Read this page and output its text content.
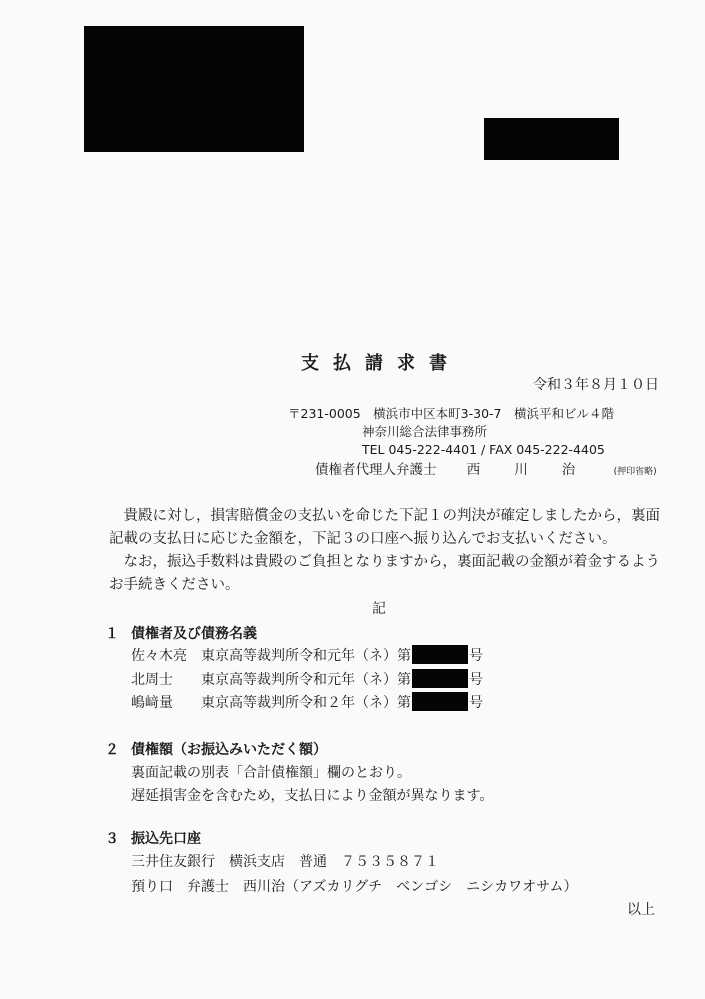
支払請求書
令和３年８月１０日
〒231-0005　横浜市中区本町3-30-7　横浜平和ビル４階
神奈川総合法律事務所
TEL 045-222-4401 / FAX 045-222-4405
債権者代理人弁護士 西川治 (押印省略)
　貴殿に対し，損害賠償金の支払いを命じた下記１の判決が確定しましたから，裏面
記載の支払日に応じた金額を，下記３の口座へ振り込んでお支払いください。
　なお，振込手数料は貴殿のご負担となりますから，裏面記載の金額が着金するよう
お手続きください。
記
１ 債権者及び債務名義
佐々木亮 東京高等裁判所令和元年（ネ）第	号
北周士 東京高等裁判所令和元年（ネ）第	号
嶋﨑量 東京高等裁判所令和２年（ネ）第	号
２ 債権額（お振込みいただく額）
裏面記載の別表「合計債権額」欄のとおり。
遅延損害金を含むため，支払日により金額が異なります。
３ 振込先口座
三井住友銀行　横浜支店　普通　７５３５８７１
預り口　弁護士　西川治（アズカリグチ　ベンゴシ　ニシカワオサム）
以上
